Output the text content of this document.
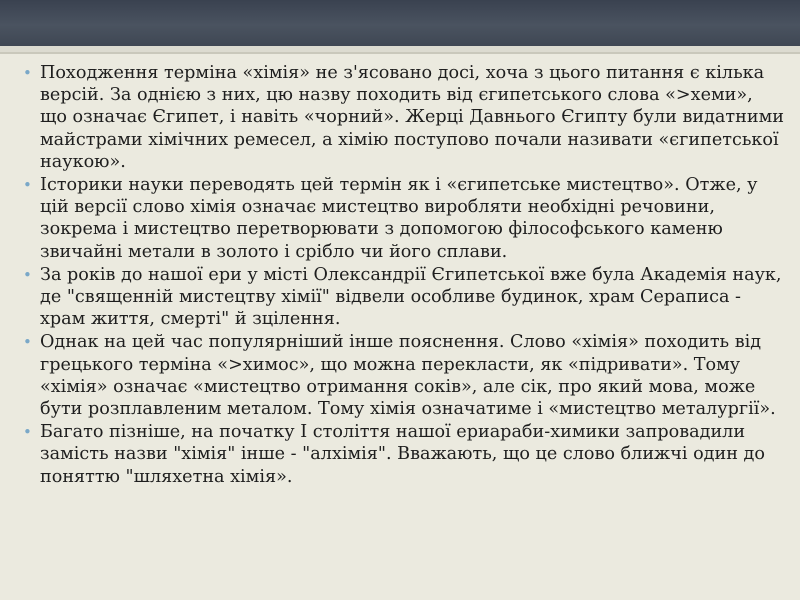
• Походження терміна «хімія» не з'ясовано досі, хоча з цього питання є кілька версій. За однією з них, цю назву походить від єгипетського слова «>хеми», що означає Єгипет, і навіть «чорний». Жерці Давнього Єгипту були видатними майстрами хімічних ремесел, а хімію поступово почали називати «єгипетської наукою».
• Історики науки переводять цей термін як і «єгипетське мистецтво». Отже, у цій версії слово хімія означає мистецтво виробляти необхідні речовини, зокрема і мистецтво перетворювати з допомогою філософського каменю звичайні метали в золото і срібло чи його сплави.
• За років до нашої ери у місті Олександрії Єгипетської вже була Академія наук, де "священній мистецтву хімії" відвели особливе будинок, храм Сераписа - храм життя, смерті" й зцілення.
• Однак на цей час популярніший інше пояснення. Слово «хімія» походить від грецького терміна «>химос», що можна перекласти, як «підривати». Тому «хімія» означає «мистецтво отримання соків», але сік, про який мова, може бути розплавленим металом. Тому хімія означатиме і «мистецтво металургії».
• Багато пізніше, на початку I століття нашої ериараби-химики запровадили замість назви "хімія" інше - "алхімія". Вважають, що це слово ближчі один до поняттю "шляхетна хімія».
